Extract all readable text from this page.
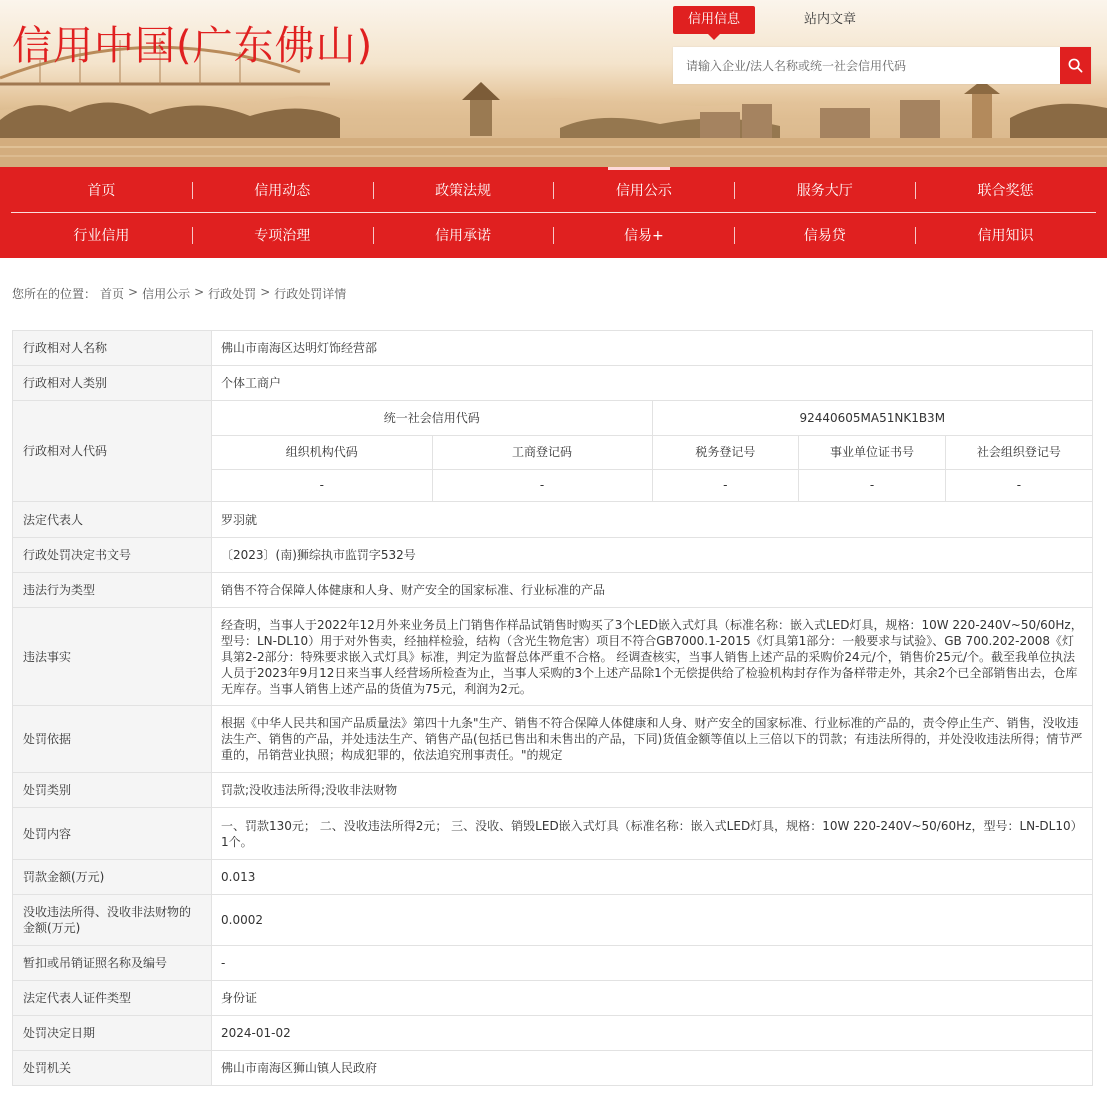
信用中国(广东佛山)
信用信息	站内文章
请输入企业/法人名称或统一社会信用代码
首页	信用动态	政策法规	信用公示	服务大厅	联合奖惩
行业信用	专项治理	信用承诺	信易+	信易贷	信用知识
您所在的位置： 首页 > 信用公示 > 行政处罚 > 行政处罚详情
行政相对人名称	佛山市南海区达明灯饰经营部
行政相对人类别	个体工商户
行政相对人代码	
统一社会信用代码	92440605MA51NK1B3M
组织机构代码	工商登记码	税务登记号	事业单位证书号	社会组织登记号
-	-	-	-	-

法定代表人	罗羽就
行政处罚决定书文号	〔2023〕(南)狮综执市监罚字532号
违法行为类型	销售不符合保障人体健康和人身、财产安全的国家标准、行业标准的产品
违法事实	经查明，当事人于2022年12月外来业务员上门销售作样品试销售时购买了3个LED嵌入式灯具（标准名称：嵌入式LED灯具，规格：10W 220-240V~50/60Hz，型号：LN-DL10）用于对外售卖，经抽样检验，结构（含光生物危害）项目不符合GB7000.1-2015《灯具第1部分：一般要求与试验》、GB 700.202-2008《灯具第2-2部分：特殊要求嵌入式灯具》标准，判定为监督总体严重不合格。 经调查核实，当事人销售上述产品的采购价24元/个，销售价25元/个。截至我单位执法人员于2023年9月12日来当事人经营场所检查为止，当事人采购的3个上述产品除1个无偿提供给了检验机构封存作为备样带走外，其余2个已全部销售出去，仓库无库存。当事人销售上述产品的货值为75元，利润为2元。
处罚依据	根据《中华人民共和国产品质量法》第四十九条"生产、销售不符合保障人体健康和人身、财产安全的国家标准、行业标准的产品的，责令停止生产、销售，没收违法生产、销售的产品，并处违法生产、销售产品(包括已售出和未售出的产品，下同)货值金额等值以上三倍以下的罚款；有违法所得的，并处没收违法所得；情节严重的，吊销营业执照；构成犯罪的，依法追究刑事责任。"的规定
处罚类别	罚款;没收违法所得;没收非法财物
处罚内容	一、罚款130元； 二、没收违法所得2元； 三、没收、销毁LED嵌入式灯具（标准名称：嵌入式LED灯具，规格：10W 220-240V~50/60Hz，型号：LN-DL10）1个。
罚款金额(万元)	0.013
没收违法所得、没收非法财物的金额(万元)	0.0002
暂扣或吊销证照名称及编号	-
法定代表人证件类型	身份证
处罚决定日期	2024-01-02
处罚机关	佛山市南海区狮山镇人民政府
